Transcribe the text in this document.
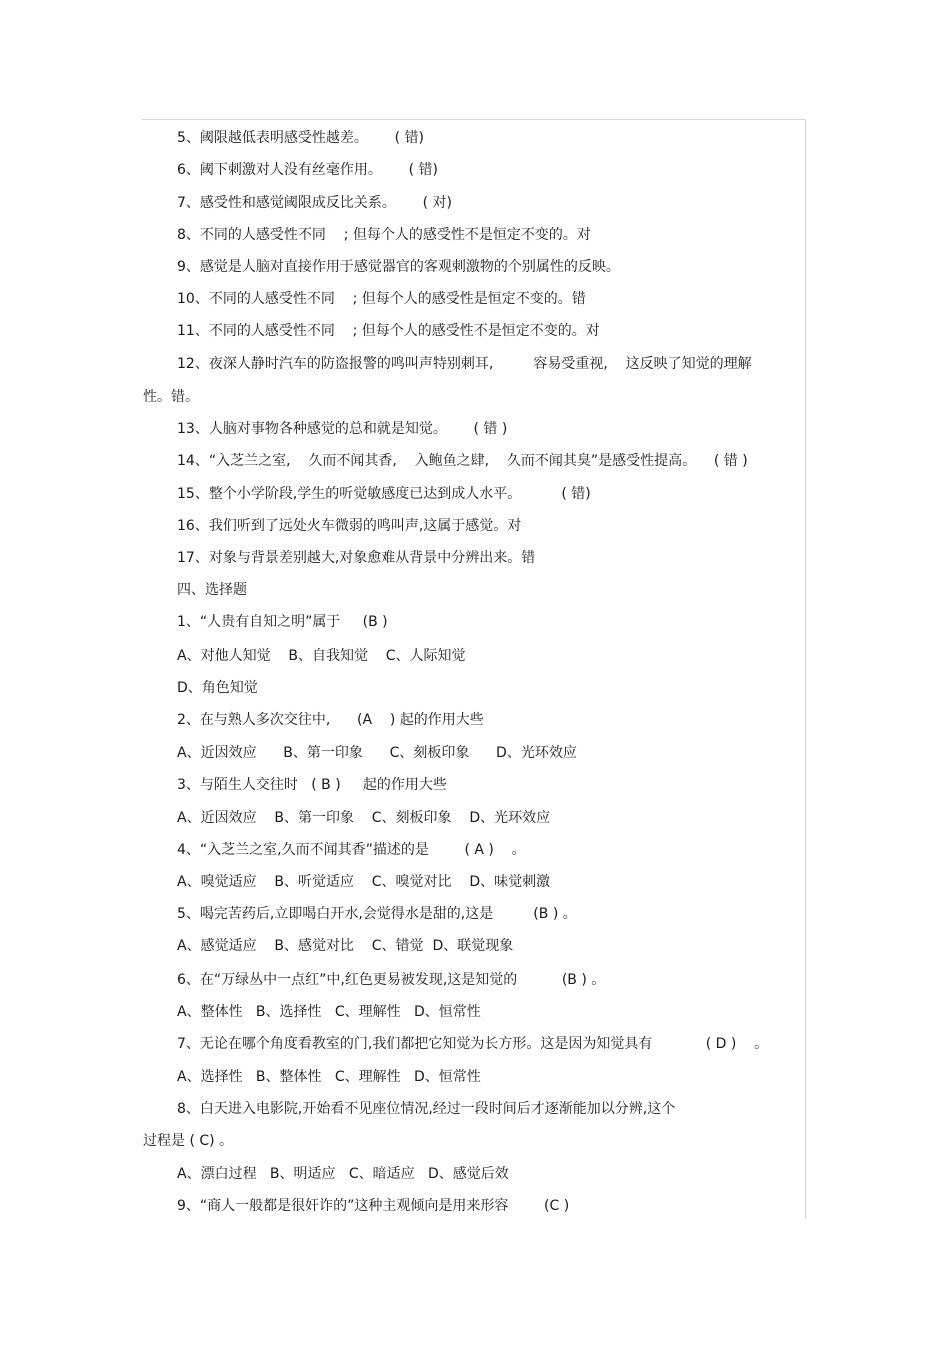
5、阈限越低表明感受性越差。      ( 错)
6、阈下刺激对人没有丝毫作用。      ( 错)
7、感受性和感觉阈限成反比关系。      ( 对)
8、不同的人感受性不同    ; 但每个人的感受性不是恒定不变的。对
9、感觉是人脑对直接作用于感觉器官的客观刺激物的个别属性的反映。
10、不同的人感受性不同    ; 但每个人的感受性是恒定不变的。错
11、不同的人感受性不同    ; 但每个人的感受性不是恒定不变的。对
12、夜深人静时汽车的防盗报警的鸣叫声特别刺耳,         容易受重视,    这反映了知觉的理解
性。错。
13、人脑对事物各种感觉的总和就是知觉。      ( 错 )
14、“入芝兰之室,    久而不闻其香,    入鲍鱼之肆,    久而不闻其臭”是感受性提高。    ( 错 )
15、整个小学阶段,学生的听觉敏感度已达到成人水平。         ( 错)
16、我们听到了远处火车微弱的鸣叫声,这属于感觉。对
17、对象与背景差别越大,对象愈难从背景中分辨出来。错
四、选择题
1、“人贵有自知之明”属于     (B )
A、对他人知觉    B、自我知觉    C、人际知觉
D、角色知觉
2、在与熟人多次交往中,      (A    ) 起的作用大些
A、近因效应      B、第一印象      C、刻板印象      D、光环效应
3、与陌生人交往时   ( B )     起的作用大些
A、近因效应    B、第一印象    C、刻板印象    D、光环效应
4、“入芝兰之室,久而不闻其香”描述的是        ( A )    。
A、嗅觉适应    B、听觉适应    C、嗅觉对比    D、味觉刺激
5、喝完苦药后,立即喝白开水,会觉得水是甜的,这是         (B ) 。
A、感觉适应    B、感觉对比    C、错觉  D、联觉现象
6、在“万绿丛中一点红”中,红色更易被发现,这是知觉的          (B ) 。
A、整体性   B、选择性   C、理解性   D、恒常性
7、无论在哪个角度看教室的门,我们都把它知觉为长方形。这是因为知觉具有            ( D )    。
A、选择性   B、整体性   C、理解性   D、恒常性
8、白天进入电影院,开始看不见座位情况,经过一段时间后才逐渐能加以分辨,这个
过程是 ( C) 。
A、漂白过程   B、明适应   C、暗适应   D、感觉后效
9、“商人一般都是很奸诈的”这种主观倾向是用来形容        (C )
